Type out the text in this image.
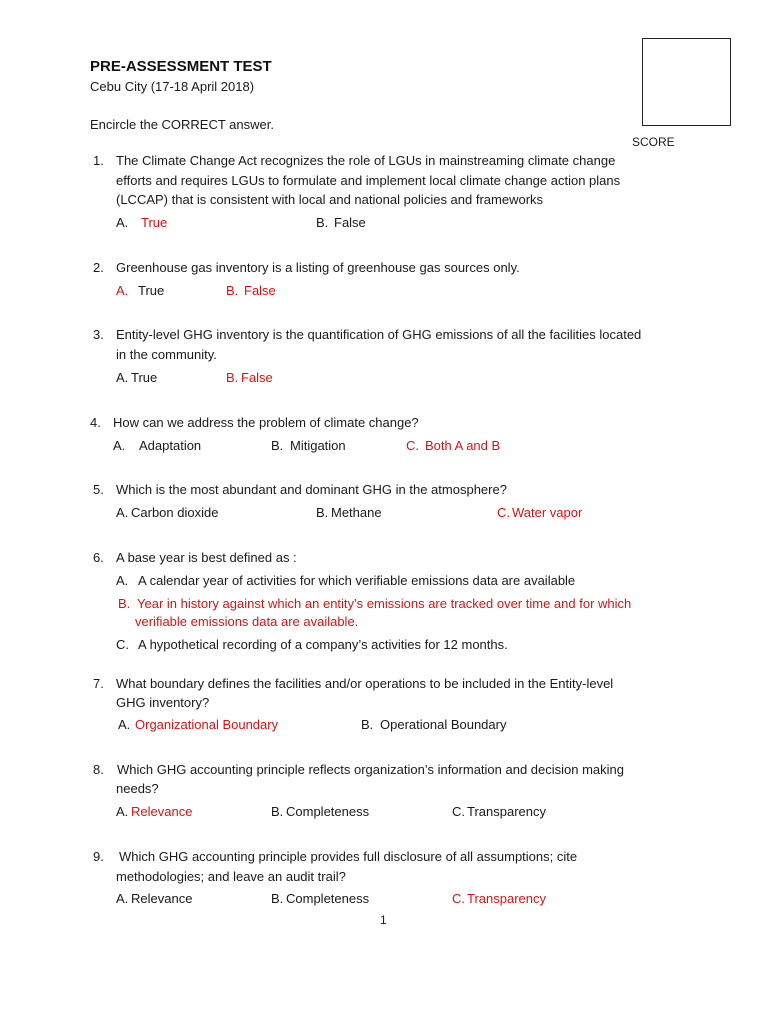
PRE-ASSESSMENT TEST
Cebu City (17-18 April 2018)
Encircle the CORRECT answer.
SCORE
1. The Climate Change Act recognizes the role of LGUs in mainstreaming climate change
efforts and requires LGUs to formulate and implement local climate change action plans
(LCCAP) that is consistent with local and national policies and frameworks
A. True	B. False
2. Greenhouse gas inventory is a listing of greenhouse gas sources only.
A. True	B. False
3. Entity-level GHG inventory is the quantification of GHG emissions of all the facilities located
in the community.
A. True	B. False
4. How can we address the problem of climate change?
A. Adaptation	B. Mitigation	C. Both A and B
5. Which is the most abundant and dominant GHG in the atmosphere?
A. Carbon dioxide	B. Methane	C. Water vapor
6. A base year is best defined as :
A. A calendar year of activities for which verifiable emissions data are available
B. Year in history against which an entity’s emissions are tracked over time and for which
verifiable emissions data are available.
C. A hypothetical recording of a company’s activities for 12 months.
7. What boundary defines the facilities and/or operations to be included in the Entity-level
GHG inventory?
A. Organizational Boundary	B. Operational Boundary
8. Which GHG accounting principle reflects organization’s information and decision making
needs?
A. Relevance	B. Completeness	C. Transparency
9. Which GHG accounting principle provides full disclosure of all assumptions; cite
methodologies; and leave an audit trail?
A. Relevance	B. Completeness	C. Transparency
1
